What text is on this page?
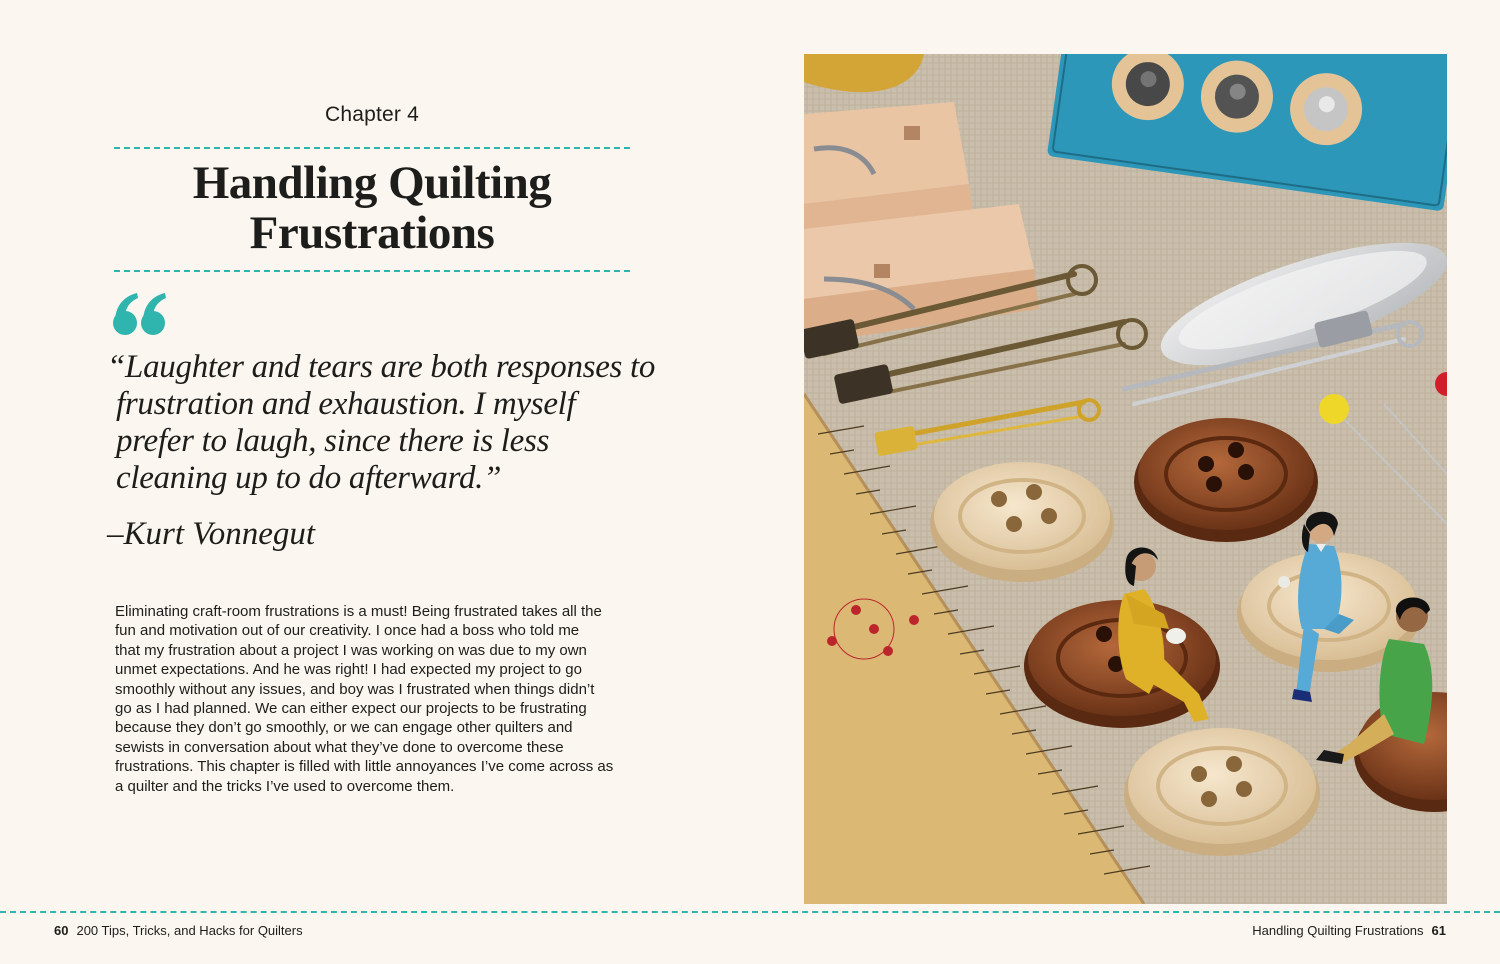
Chapter 4
Handling Quilting
Frustrations
“Laughter and tears are both responses to
frustration and exhaustion. I myself
prefer to laugh, since there is less
cleaning up to do afterward.”

–Kurt Vonnegut

Eliminating craft-room frustrations is a must! Being frustrated takes all the
fun and motivation out of our creativity. I once had a boss who told me
that my frustration about a project I was working on was due to my own
unmet expectations. And he was right! I had expected my project to go
smoothly without any issues, and boy was I frustrated when things didn’t
go as I had planned. We can either expect our projects to be frustrating
because they don’t go smoothly, or we can engage other quilters and
sewists in conversation about what they’ve done to overcome these
frustrations. This chapter is filled with little annoyances I’ve come across as
a quilter and the tricks I’ve used to overcome them.
60 200 Tips, Tricks, and Hacks for Quilters	Handling Quilting Frustrations 61
